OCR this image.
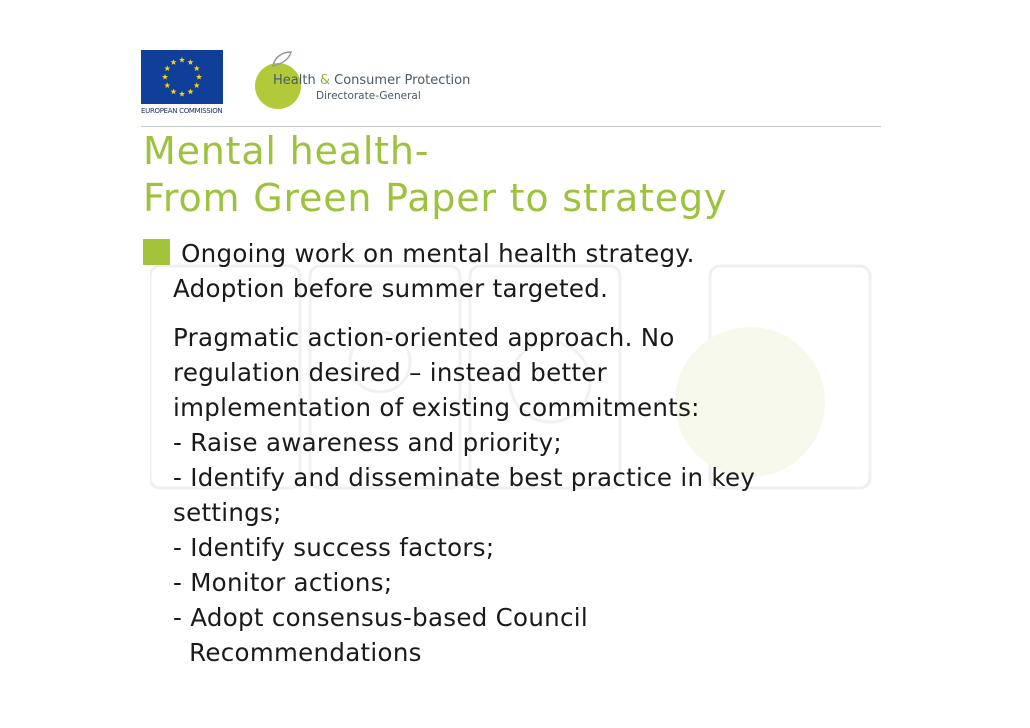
EUROPEAN COMMISSION
Health & Consumer Protection
Directorate-General
Mental health-
From Green Paper to strategy
Ongoing work on mental health strategy.
Adoption before summer targeted.
Pragmatic action-oriented approach. No
regulation desired – instead better
implementation of existing commitments:
- Raise awareness and priority;
- Identify and disseminate best practice in key
settings;
- Identify success factors;
- Monitor actions;
- Adopt consensus-based Council
Recommendations
